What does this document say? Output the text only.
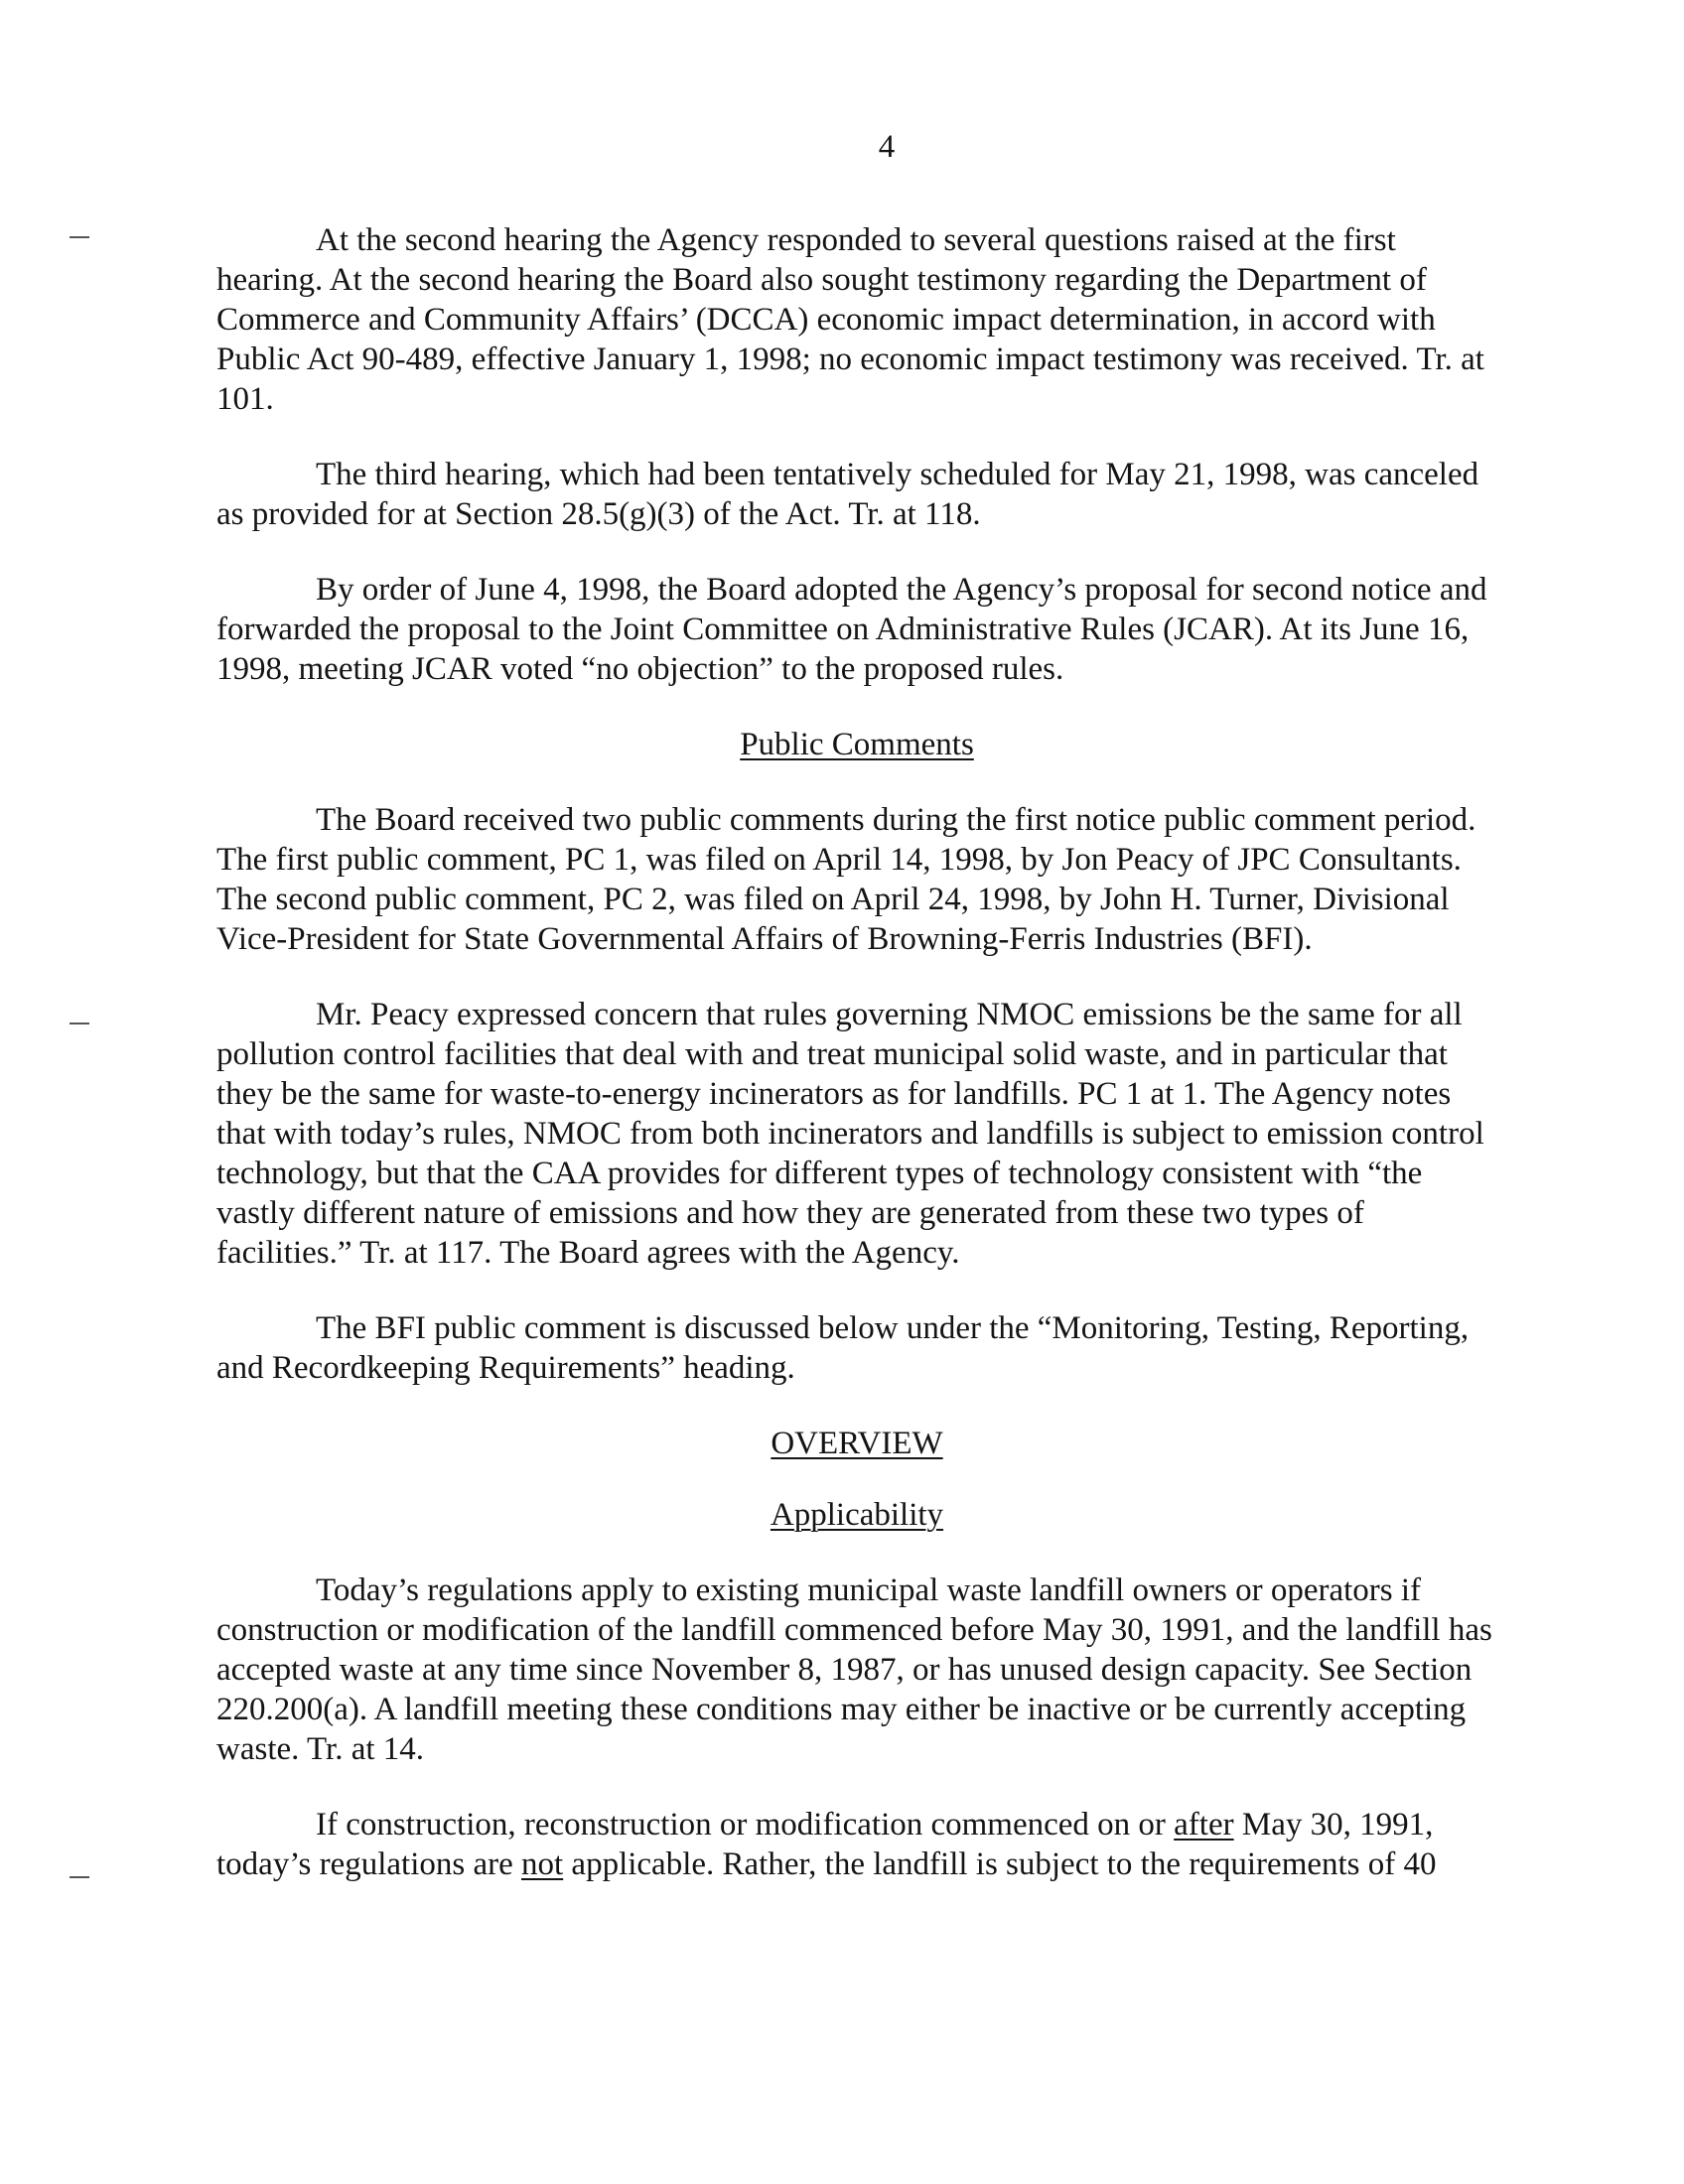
4

At the second hearing the Agency responded to several questions raised at the first hearing. At the second hearing the Board also sought testimony regarding the Department of Commerce and Community Affairs’ (DCCA) economic impact determination, in accord with Public Act 90-489, effective January 1, 1998; no economic impact testimony was received. Tr. at 101.

The third hearing, which had been tentatively scheduled for May 21, 1998, was canceled as provided for at Section 28.5(g)(3) of the Act. Tr. at 118.

By order of June 4, 1998, the Board adopted the Agency’s proposal for second notice and forwarded the proposal to the Joint Committee on Administrative Rules (JCAR). At its June 16, 1998, meeting JCAR voted “no objection” to the proposed rules.

Public Comments

The Board received two public comments during the first notice public comment period. The first public comment, PC 1, was filed on April 14, 1998, by Jon Peacy of JPC Consultants. The second public comment, PC 2, was filed on April 24, 1998, by John H. Turner, Divisional Vice-President for State Governmental Affairs of Browning-Ferris Industries (BFI).

Mr. Peacy expressed concern that rules governing NMOC emissions be the same for all pollution control facilities that deal with and treat municipal solid waste, and in particular that they be the same for waste-to-energy incinerators as for landfills. PC 1 at 1. The Agency notes that with today’s rules, NMOC from both incinerators and landfills is subject to emission control technology, but that the CAA provides for different types of technology consistent with “the vastly different nature of emissions and how they are generated from these two types of facilities.” Tr. at 117. The Board agrees with the Agency.

The BFI public comment is discussed below under the “Monitoring, Testing, Reporting, and Recordkeeping Requirements” heading.

OVERVIEW
Applicability

Today’s regulations apply to existing municipal waste landfill owners or operators if construction or modification of the landfill commenced before May 30, 1991, and the landfill has accepted waste at any time since November 8, 1987, or has unused design capacity. See Section 220.200(a). A landfill meeting these conditions may either be inactive or be currently accepting waste. Tr. at 14.

If construction, reconstruction or modification commenced on or after May 30, 1991, today’s regulations are not applicable. Rather, the landfill is subject to the requirements of 40
